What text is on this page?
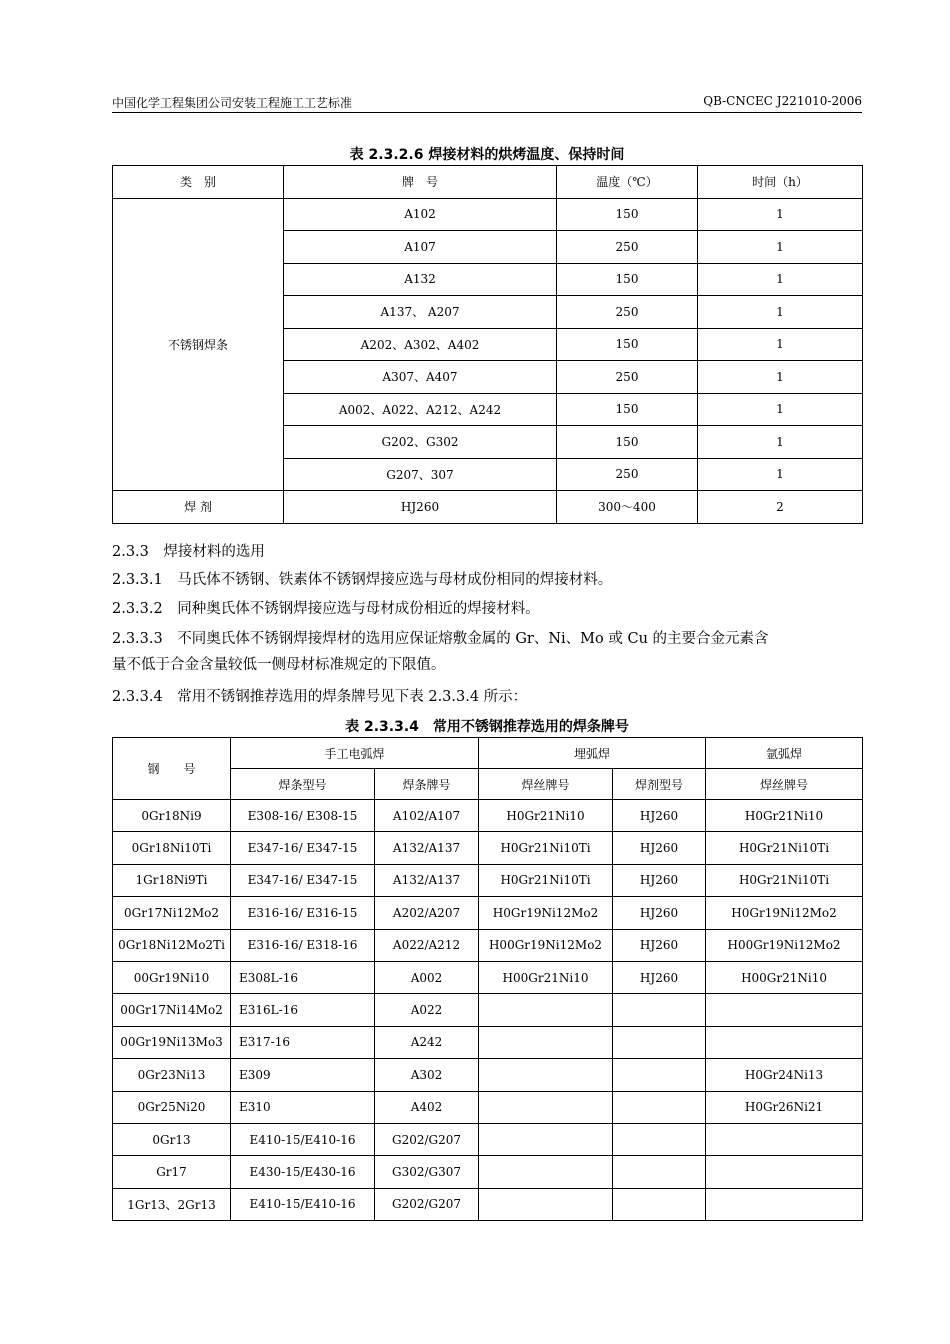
中国化学工程集团公司安装工程施工工艺标准	QB-CNCEC J221010-2006
表 2.3.2.6 焊接材料的烘烤温度、保持时间
类　别	牌　号	温度（℃）	时间（h）
不锈钢焊条	A102	150	1
	A107	250	1
	A132	150	1
	A137、 A207	250	1
	A202、A302、A402	150	1
	A307、A407	250	1
	A002、A022、A212、A242	150	1
	G202、G302	150	1
	G207、307	250	1
焊 剂	HJ260	300～400	2
2.3.3　 焊接材料的选用
2.3.3.1　 马氏体不锈钢、铁素体不锈钢焊接应选与母材成份相同的焊接材料。
2.3.3.2　 同种奥氏体不锈钢焊接应选与母材成份相近的焊接材料。
2.3.3.3　 不同奥氏体不锈钢焊接焊材的选用应保证熔敷金属的 Gr、Ni、Mo 或 Cu 的主要合金元素含
量不低于合金含量较低一侧母材标准规定的下限值。
2.3.3.4　 常用不锈钢推荐选用的焊条牌号见下表 2.3.3.4 所示：
表 2.3.3.4　常用不锈钢推荐选用的焊条牌号
钢　　号	手工电弧焊		埋弧焊		氩弧焊
	焊条型号	焊条牌号	焊丝牌号	焊剂型号	焊丝牌号
0Gr18Ni9	E308-16/ E308-15	A102/A107	H0Gr21Ni10	HJ260	H0Gr21Ni10
0Gr18Ni10Ti	E347-16/ E347-15	A132/A137	H0Gr21Ni10Ti	HJ260	H0Gr21Ni10Ti
1Gr18Ni9Ti	E347-16/ E347-15	A132/A137	H0Gr21Ni10Ti	HJ260	H0Gr21Ni10Ti
0Gr17Ni12Mo2	E316-16/ E316-15	A202/A207	H0Gr19Ni12Mo2	HJ260	H0Gr19Ni12Mo2
0Gr18Ni12Mo2Ti	E316-16/ E318-16	A022/A212	H00Gr19Ni12Mo2	HJ260	H00Gr19Ni12Mo2
00Gr19Ni10	E308L-16	A002	H00Gr21Ni10	HJ260	H00Gr21Ni10
00Gr17Ni14Mo2	E316L-16	A022			
00Gr19Ni13Mo3	E317-16	A242			
0Gr23Ni13	E309	A302			H0Gr24Ni13
0Gr25Ni20	E310	A402			H0Gr26Ni21
0Gr13	E410-15/E410-16	G202/G207			
Gr17	E430-15/E430-16	G302/G307			
1Gr13、2Gr13	E410-15/E410-16	G202/G207			
